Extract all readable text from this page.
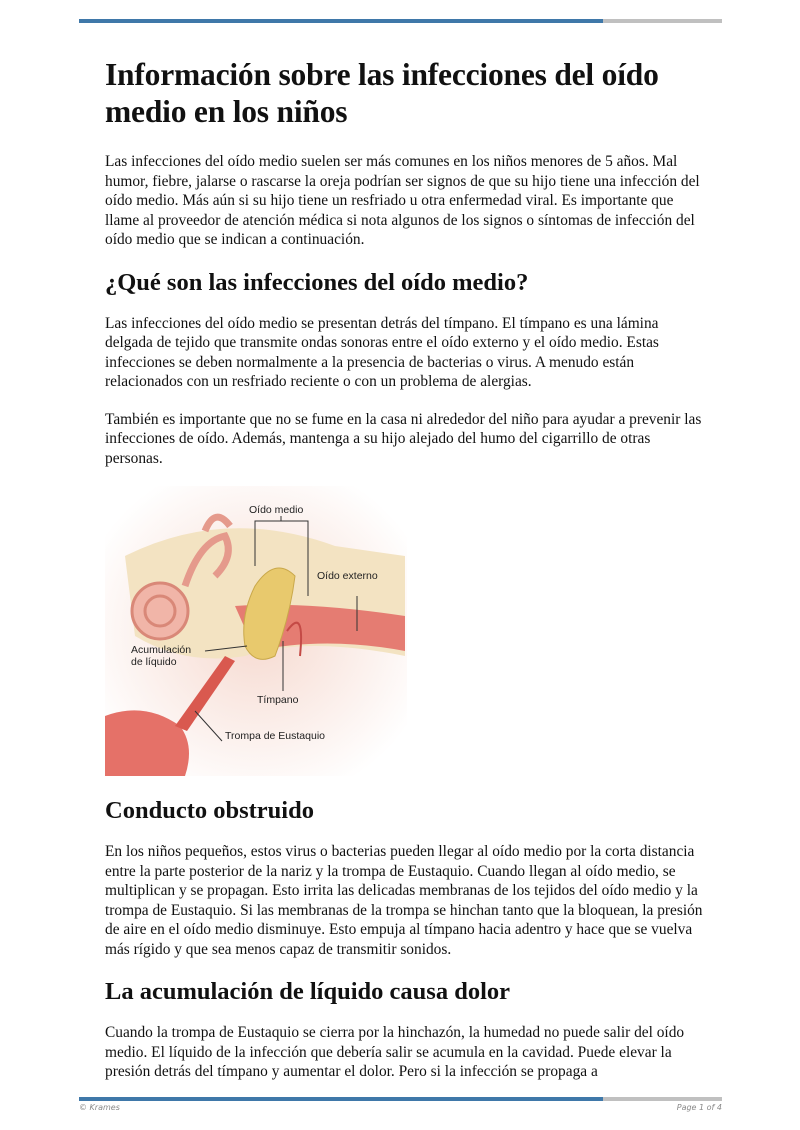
Información sobre las infecciones del oído medio en los niños

Las infecciones del oído medio suelen ser más comunes en los niños menores de 5 años. Mal humor, fiebre, jalarse o rascarse la oreja podrían ser signos de que su hijo tiene una infección del oído medio. Más aún si su hijo tiene un resfriado u otra enfermedad viral. Es importante que llame al proveedor de atención médica si nota algunos de los signos o síntomas de infección del oído medio que se indican a continuación.

¿Qué son las infecciones del oído medio?

Las infecciones del oído medio se presentan detrás del tímpano. El tímpano es una lámina delgada de tejido que transmite ondas sonoras entre el oído externo y el oído medio. Estas infecciones se deben normalmente a la presencia de bacterias o virus. A menudo están relacionados con un resfriado reciente o con un problema de alergias.

También es importante que no se fume en la casa ni alrededor del niño para ayudar a prevenir las infecciones de oído. Además, mantenga a su hijo alejado del humo del cigarrillo de otras personas.

Oído medio
Oído externo
Acumulación
de líquido
Tímpano
Trompa de Eustaquio
Conducto obstruido

En los niños pequeños, estos virus o bacterias pueden llegar al oído medio por la corta distancia entre la parte posterior de la nariz y la trompa de Eustaquio. Cuando llegan al oído medio, se multiplican y se propagan. Esto irrita las delicadas membranas de los tejidos del oído medio y la trompa de Eustaquio. Si las membranas de la trompa se hinchan tanto que la bloquean, la presión de aire en el oído medio disminuye. Esto empuja al tímpano hacia adentro y hace que se vuelva más rígido y que sea menos capaz de transmitir sonidos.

La acumulación de líquido causa dolor

Cuando la trompa de Eustaquio se cierra por la hinchazón, la humedad no puede salir del oído medio. El líquido de la infección que debería salir se acumula en la cavidad. Puede elevar la presión detrás del tímpano y aumentar el dolor. Pero si la infección se propaga a

© Krames	Page 1 of 4
